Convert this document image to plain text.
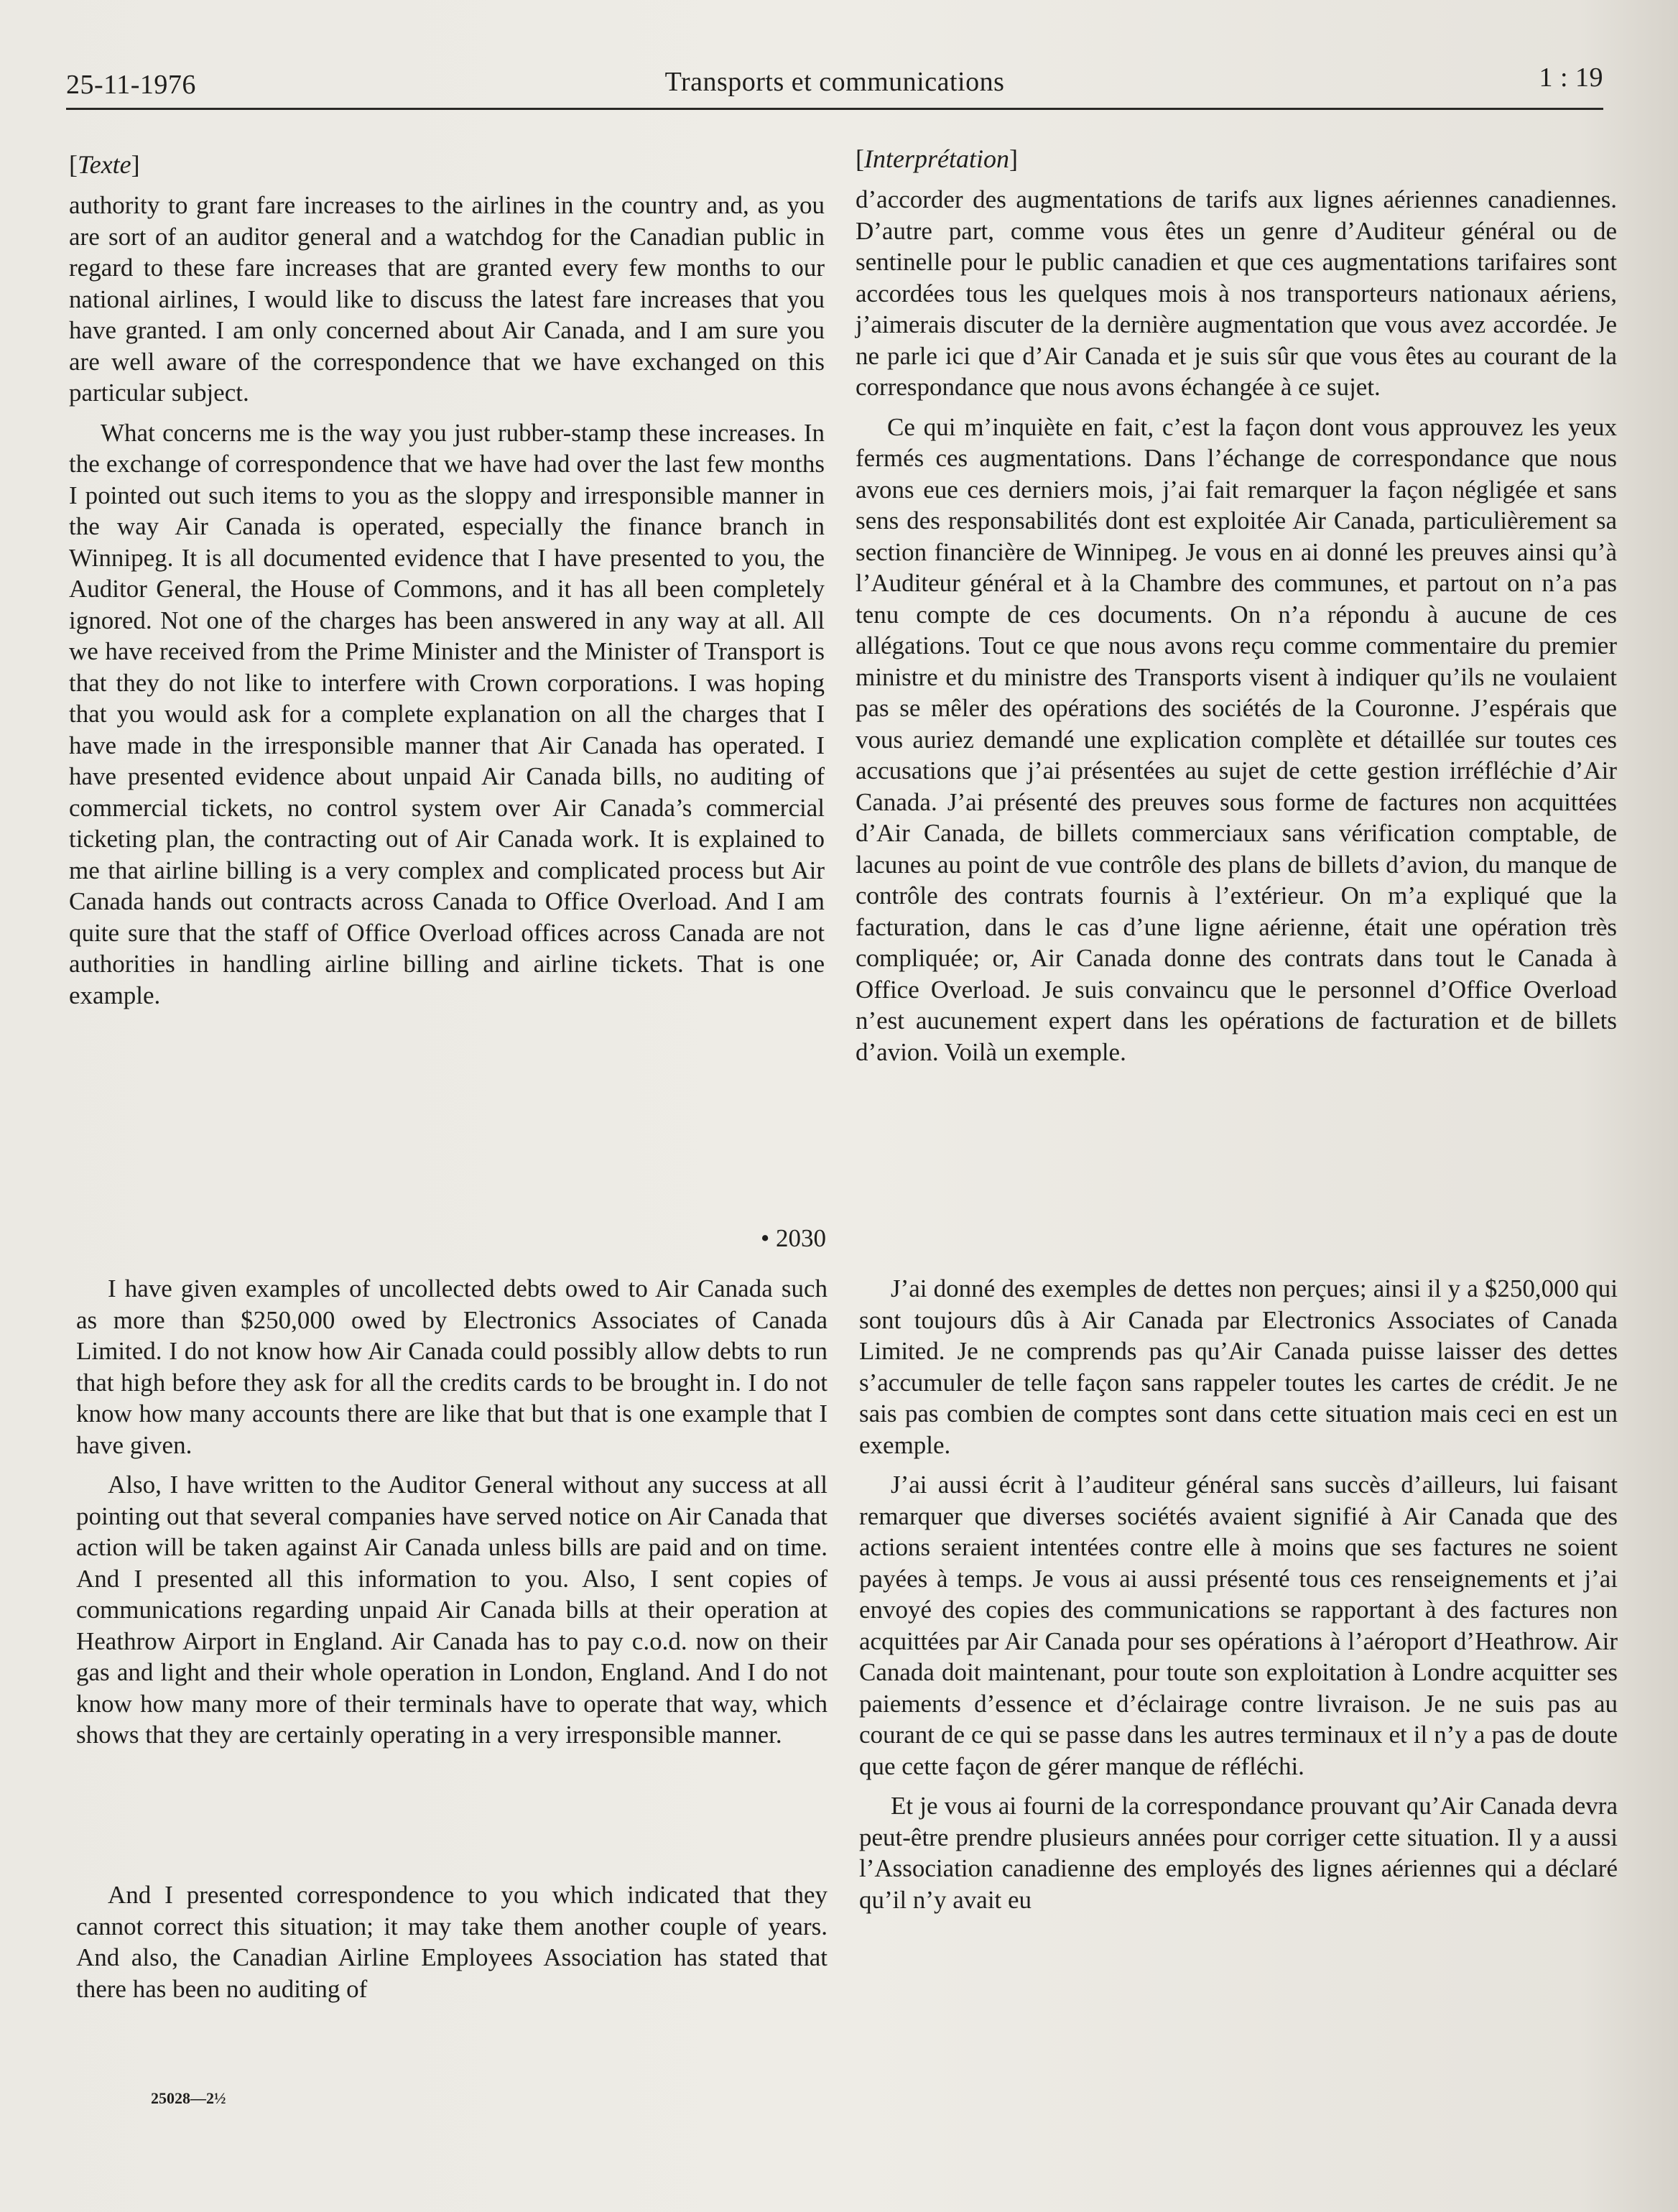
25-11-1976	Transports et communications	1 : 19

[Texte]

authority to grant fare increases to the airlines in the country and, as you are sort of an auditor general and a watchdog for the Canadian public in regard to these fare increases that are granted every few months to our national airlines, I would like to discuss the latest fare increases that you have granted. I am only concerned about Air Canada, and I am sure you are well aware of the correspondence that we have exchanged on this particular subject.

What concerns me is the way you just rubber-stamp these increases. In the exchange of correspondence that we have had over the last few months I pointed out such items to you as the sloppy and irresponsible manner in the way Air Canada is operated, especially the finance branch in Winnipeg. It is all documented evidence that I have presented to you, the Auditor General, the House of Commons, and it has all been completely ignored. Not one of the charges has been answered in any way at all. All we have received from the Prime Minister and the Minister of Transport is that they do not like to interfere with Crown corporations. I was hoping that you would ask for a complete explanation on all the charges that I have made in the irresponsible manner that Air Canada has operated. I have presented evidence about unpaid Air Canada bills, no auditing of commercial tickets, no control system over Air Canada’s commercial ticketing plan, the contracting out of Air Canada work. It is explained to me that airline billing is a very complex and complicated process but Air Canada hands out contracts across Canada to Office Overload. And I am quite sure that the staff of Office Overload offices across Canada are not authorities in handling airline billing and airline tickets. That is one example.

[Interprétation]

d’accorder des augmentations de tarifs aux lignes aériennes canadiennes. D’autre part, comme vous êtes un genre d’Auditeur général ou de sentinelle pour le public canadien et que ces augmentations tarifaires sont accordées tous les quelques mois à nos transporteurs nationaux aériens, j’aimerais discuter de la dernière augmentation que vous avez accordée. Je ne parle ici que d’Air Canada et je suis sûr que vous êtes au courant de la correspondance que nous avons échangée à ce sujet.

Ce qui m’inquiète en fait, c’est la façon dont vous approuvez les yeux fermés ces augmentations. Dans l’échange de correspondance que nous avons eue ces derniers mois, j’ai fait remarquer la façon négligée et sans sens des responsabilités dont est exploitée Air Canada, particulièrement sa section financière de Winnipeg. Je vous en ai donné les preuves ainsi qu’à l’Auditeur général et à la Chambre des communes, et partout on n’a pas tenu compte de ces documents. On n’a répondu à aucune de ces allégations. Tout ce que nous avons reçu comme commentaire du premier ministre et du ministre des Transports visent à indiquer qu’ils ne voulaient pas se mêler des opérations des sociétés de la Couronne. J’espérais que vous auriez demandé une explication complète et détaillée sur toutes ces accusations que j’ai présentées au sujet de cette gestion irréfléchie d’Air Canada. J’ai présenté des preuves sous forme de factures non acquittées d’Air Canada, de billets commerciaux sans vérification comptable, de lacunes au point de vue contrôle des plans de billets d’avion, du manque de contrôle des contrats fournis à l’extérieur. On m’a expliqué que la facturation, dans le cas d’une ligne aérienne, était une opération très compliquée; or, Air Canada donne des contrats dans tout le Canada à Office Overload. Je suis convaincu que le personnel d’Office Overload n’est aucunement expert dans les opérations de facturation et de billets d’avion. Voilà un exemple.

• 2030

I have given examples of uncollected debts owed to Air Canada such as more than $250,000 owed by Electronics Associates of Canada Limited. I do not know how Air Canada could possibly allow debts to run that high before they ask for all the credits cards to be brought in. I do not know how many accounts there are like that but that is one example that I have given.

Also, I have written to the Auditor General without any success at all pointing out that several companies have served notice on Air Canada that action will be taken against Air Canada unless bills are paid and on time. And I presented all this information to you. Also, I sent copies of communications regarding unpaid Air Canada bills at their operation at Heathrow Airport in England. Air Canada has to pay c.o.d. now on their gas and light and their whole operation in London, England. And I do not know how many more of their terminals have to operate that way, which shows that they are certainly operating in a very irresponsible manner.

J’ai donné des exemples de dettes non perçues; ainsi il y a $250,000 qui sont toujours dûs à Air Canada par Electronics Associates of Canada Limited. Je ne comprends pas qu’Air Canada puisse laisser des dettes s’accumuler de telle façon sans rappeler toutes les cartes de crédit. Je ne sais pas combien de comptes sont dans cette situation mais ceci en est un exemple.

J’ai aussi écrit à l’auditeur général sans succès d’ailleurs, lui faisant remarquer que diverses sociétés avaient signifié à Air Canada que des actions seraient intentées contre elle à moins que ses factures ne soient payées à temps. Je vous ai aussi présenté tous ces renseignements et j’ai envoyé des copies des communications se rapportant à des factures non acquittées par Air Canada pour ses opérations à l’aéroport d’Heathrow. Air Canada doit maintenant, pour toute son exploitation à Londre acquitter ses paiements d’essence et d’éclairage contre livraison. Je ne suis pas au courant de ce qui se passe dans les autres terminaux et il n’y a pas de doute que cette façon de gérer manque de réfléchi.

Et je vous ai fourni de la correspondance prouvant qu’Air Canada devra peut-être prendre plusieurs années pour corriger cette situation. Il y a aussi l’Association canadienne des employés des lignes aériennes qui a déclaré qu’il n’y avait eu

And I presented correspondence to you which indicated that they cannot correct this situation; it may take them another couple of years. And also, the Canadian Airline Employees Association has stated that there has been no auditing of

25028—2½
